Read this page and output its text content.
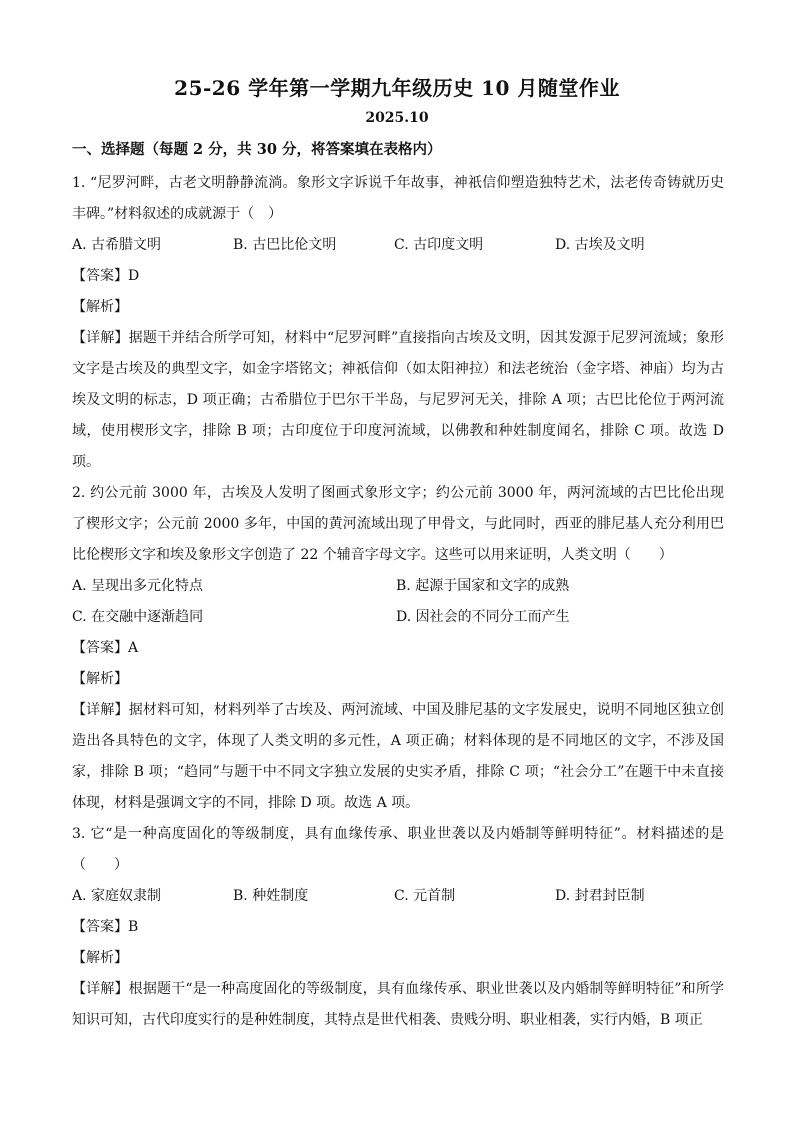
25-26 学年第一学期九年级历史 10 月随堂作业
2025.10
一、选择题（每题 2 分，共 30 分，将答案填在表格内）

1. “尼罗河畔，古老文明静静流淌。象形文字诉说千年故事，神祇信仰塑造独特艺术，法老传奇铸就历史丰碑。”材料叙述的成就源于（　）

A. 古希腊文明	B. 古巴比伦文明	C. 古印度文明	D. 古埃及文明

【答案】D

【解析】

【详解】据题干并结合所学可知，材料中“尼罗河畔”直接指向古埃及文明，因其发源于尼罗河流域；象形文字是古埃及的典型文字，如金字塔铭文；神祇信仰（如太阳神拉）和法老统治（金字塔、神庙）均为古埃及文明的标志，D 项正确；古希腊位于巴尔干半岛，与尼罗河无关，排除 A 项；古巴比伦位于两河流域，使用楔形文字，排除 B 项；古印度位于印度河流域，以佛教和种姓制度闻名，排除 C 项。故选 D 项。

2. 约公元前 3000 年，古埃及人发明了图画式象形文字；约公元前 3000 年，两河流域的古巴比伦出现了楔形文字；公元前 2000 多年，中国的黄河流域出现了甲骨文，与此同时，西亚的腓尼基人充分利用巴比伦楔形文字和埃及象形文字创造了 22 个辅音字母文字。这些可以用来证明，人类文明（　　）

A. 呈现出多元化特点	B. 起源于国家和文字的成熟
C. 在交融中逐渐趋同	D. 因社会的不同分工而产生

【答案】A

【解析】

【详解】据材料可知，材料列举了古埃及、两河流域、中国及腓尼基的文字发展史，说明不同地区独立创造出各具特色的文字，体现了人类文明的多元性，A 项正确；材料体现的是不同地区的文字，不涉及国家，排除 B 项；“趋同”与题干中不同文字独立发展的史实矛盾，排除 C 项；“社会分工”在题干中未直接体现，材料是强调文字的不同，排除 D 项。故选 A 项。

3. 它“是一种高度固化的等级制度，具有血缘传承、职业世袭以及内婚制等鲜明特征”。材料描述的是（　　）

A. 家庭奴隶制	B. 种姓制度	C. 元首制	D. 封君封臣制

【答案】B

【解析】

【详解】根据题干“是一种高度固化的等级制度，具有血缘传承、职业世袭以及内婚制等鲜明特征”和所学知识可知，古代印度实行的是种姓制度，其特点是世代相袭、贵贱分明、职业相袭，实行内婚，B 项正
